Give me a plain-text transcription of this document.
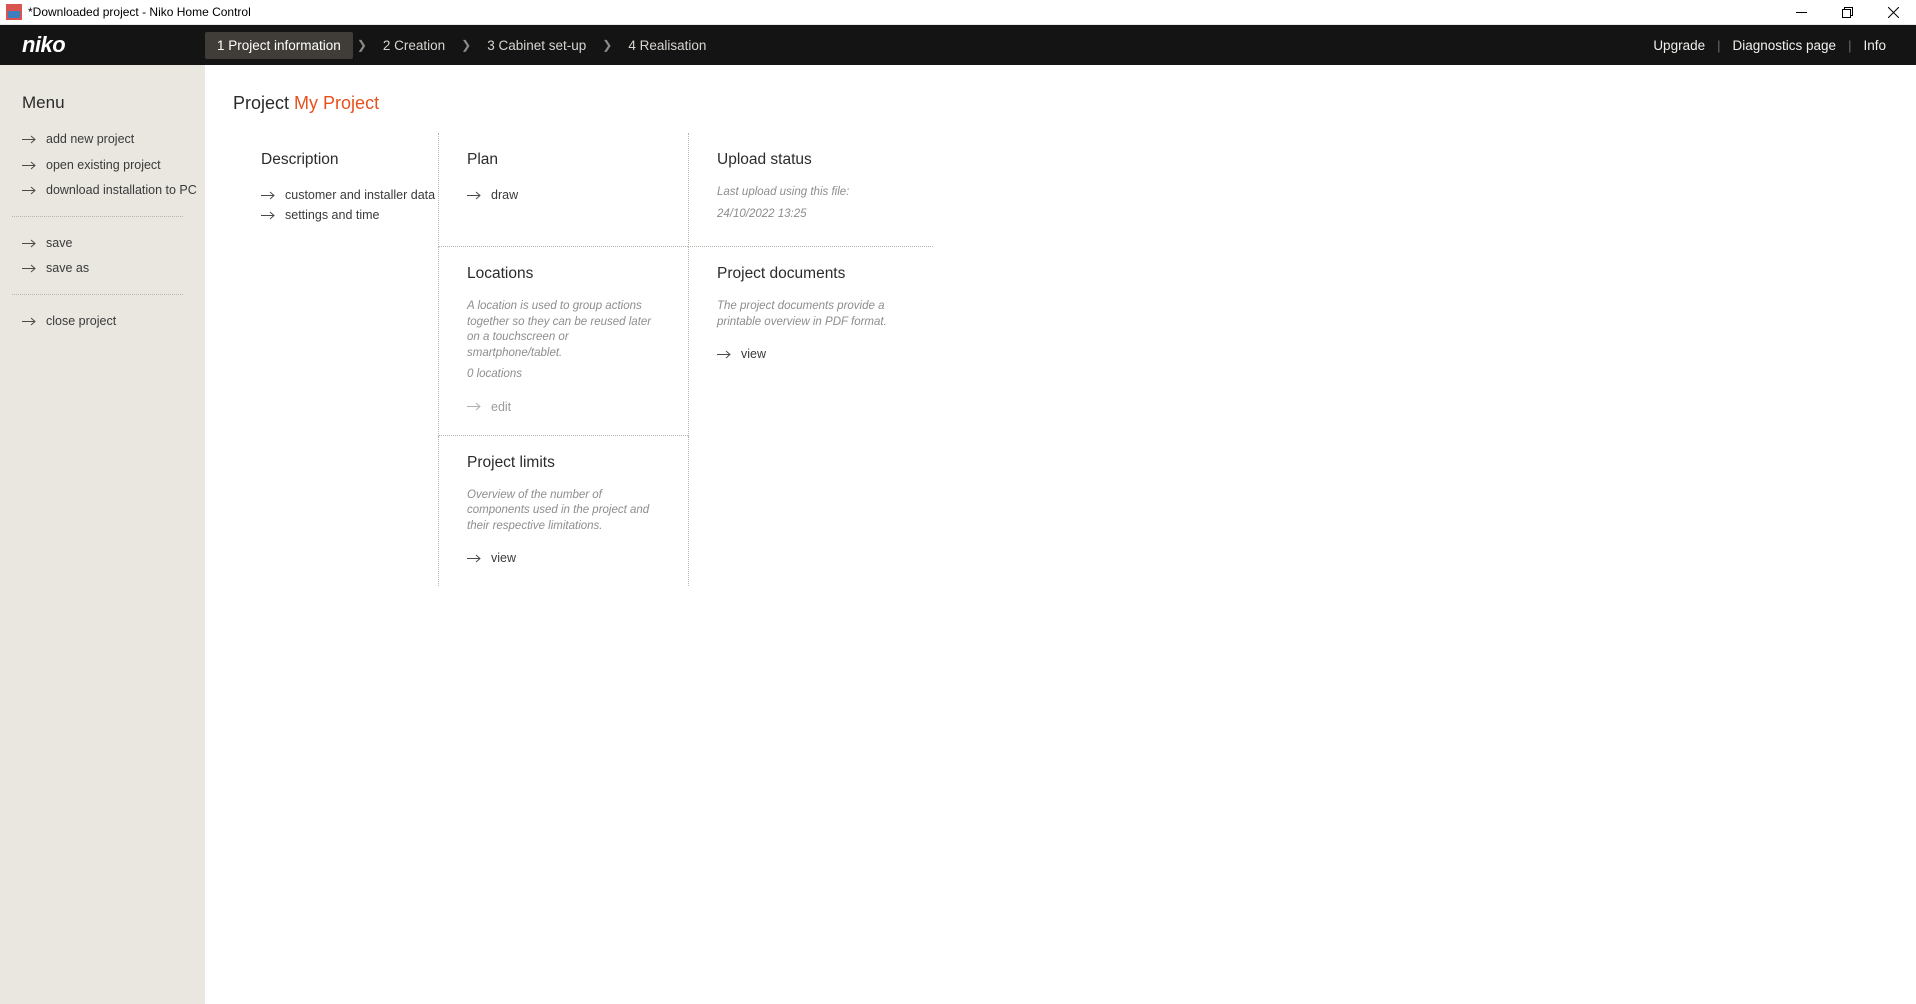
*Downloaded project - Niko Home Control
niko	1 Project information	❯	2 Creation	❯	3 Cabinet set-up	❯	4 Realisation	Upgrade | Diagnostics page | Info
Menu
add new project
open existing project
download installation to PC
save
save as
close project
Project My Project
Description
customer and installer data
settings and time
Plan
draw
Upload status

Last upload using this file:

24/10/2022 13:25

Locations

A location is used to group actions together so they can be reused later on a touchscreen or smartphone/tablet.

0 locations

edit
Project documents

The project documents provide a printable overview in PDF format.

view
Project limits

Overview of the number of components used in the project and their respective limitations.

view
